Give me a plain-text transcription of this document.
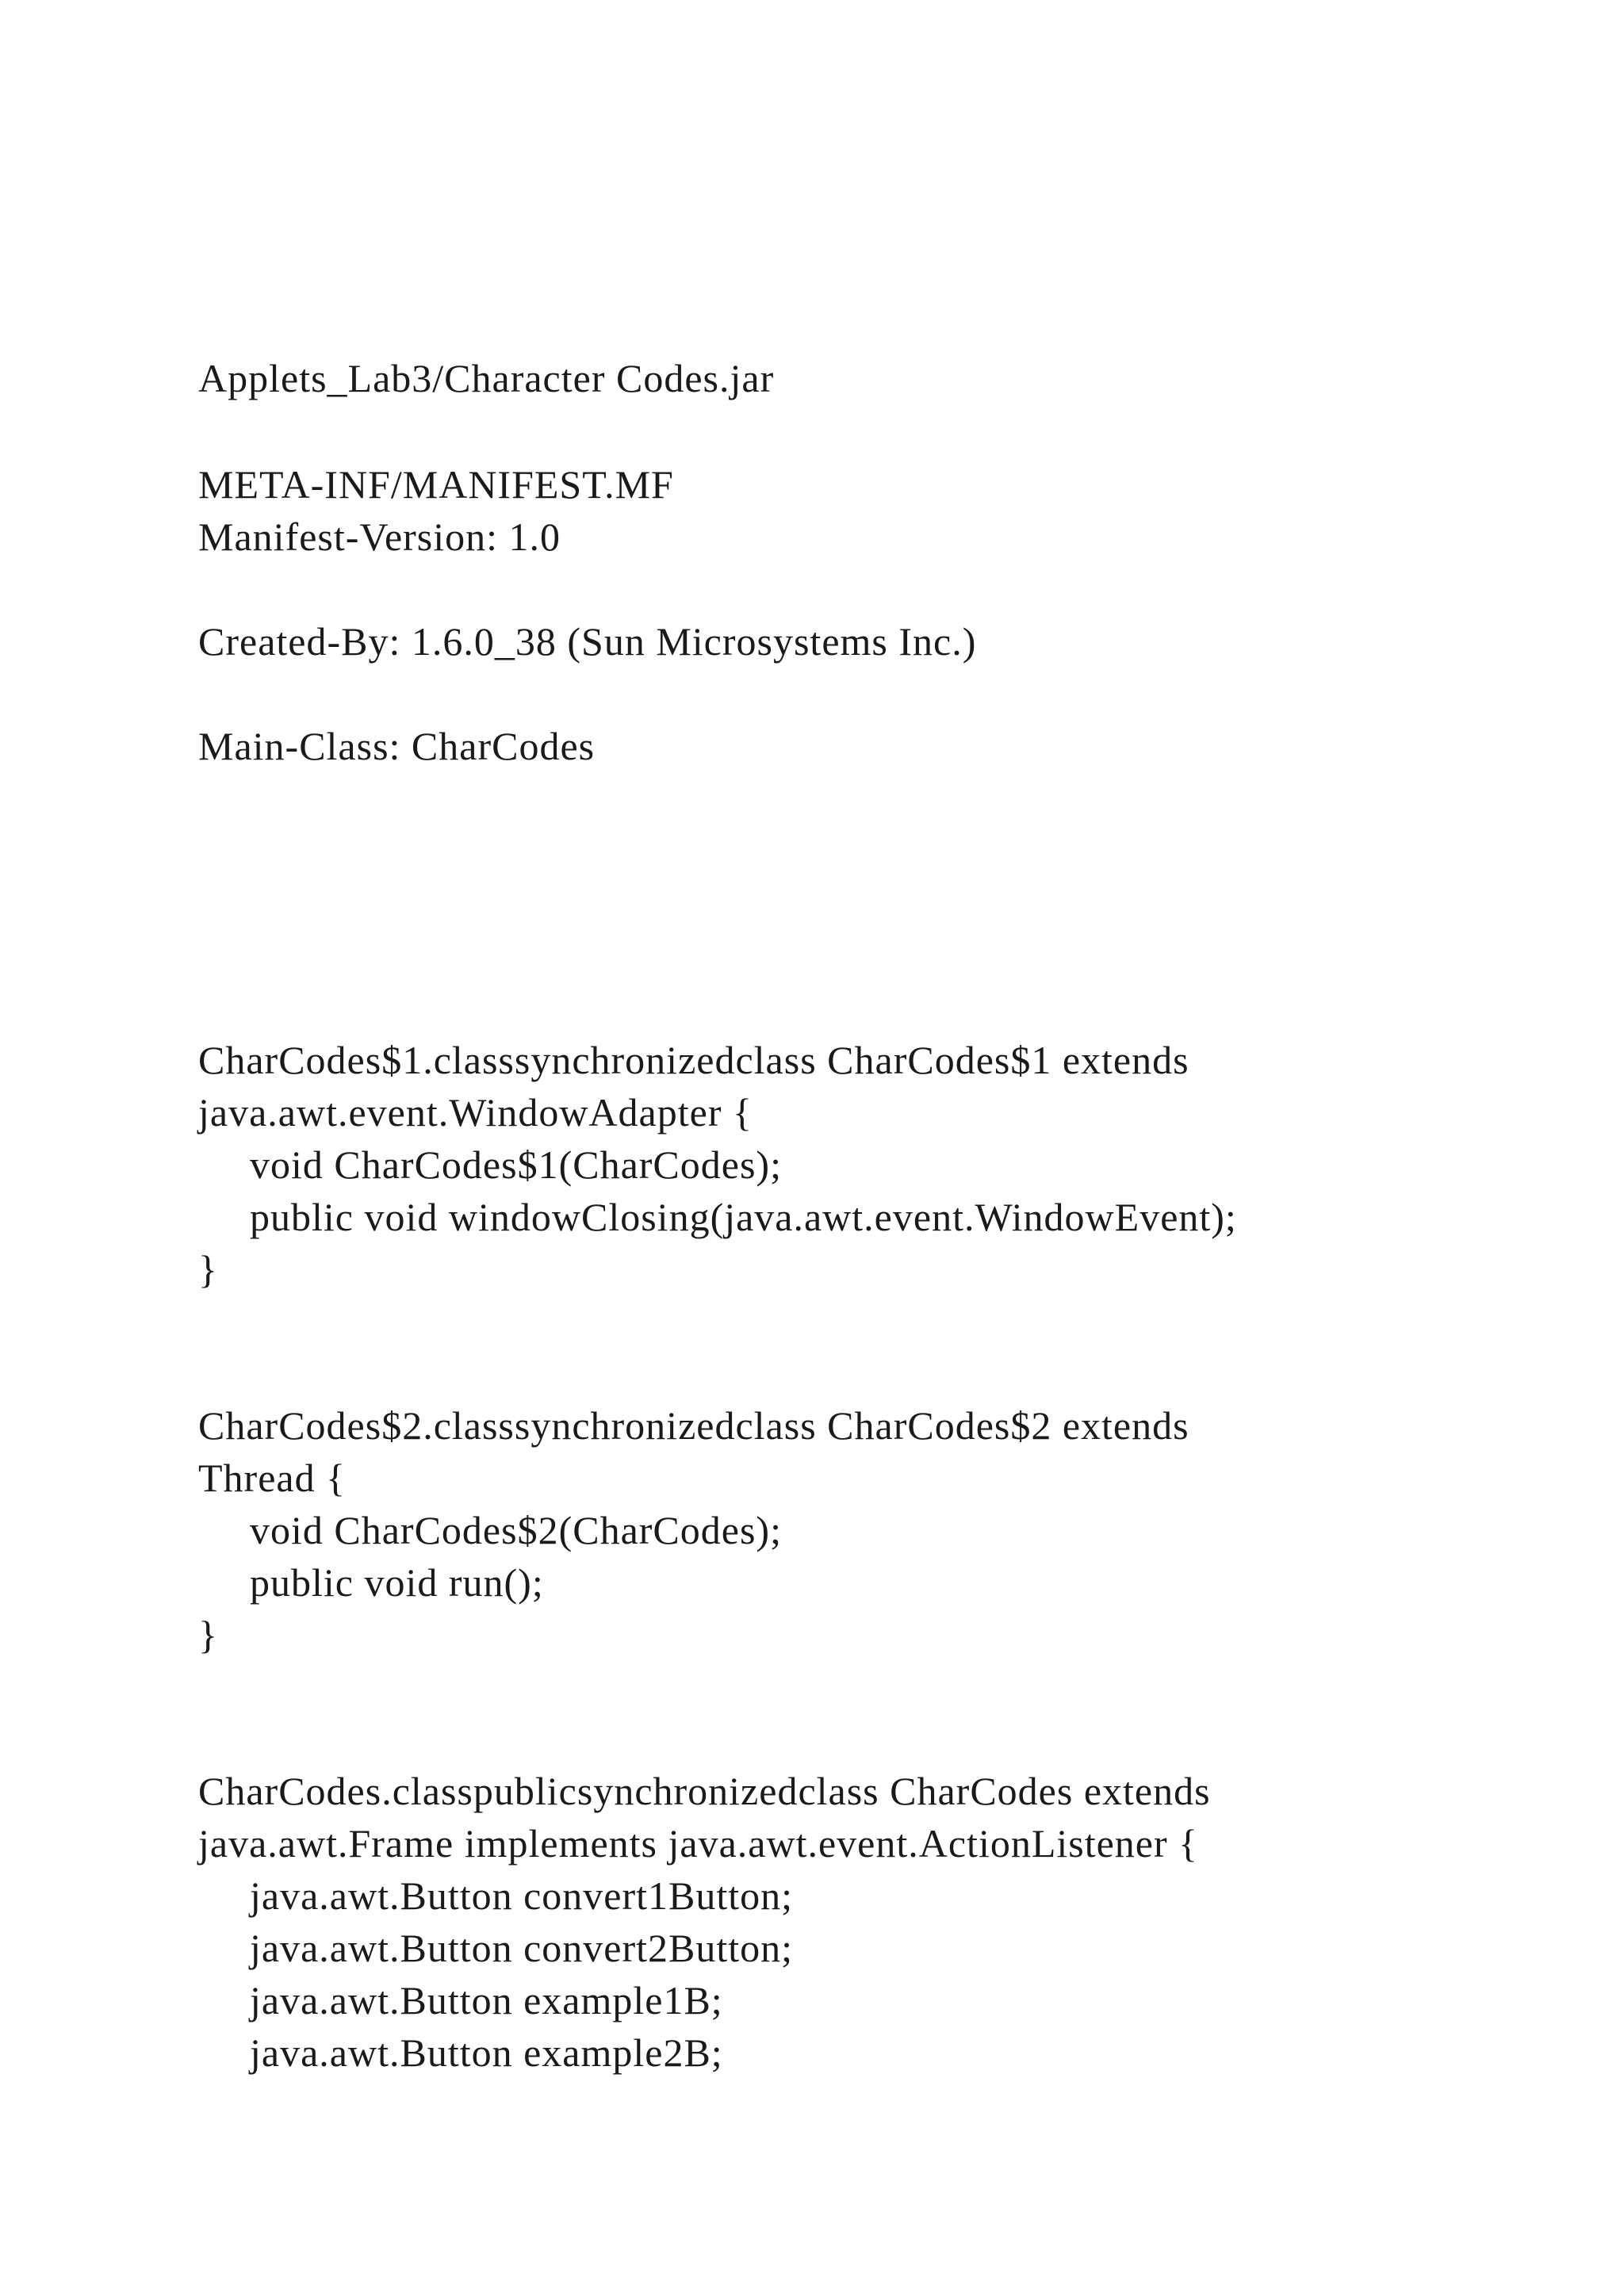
Applets_Lab3/Character Codes.jar
META-INF/MANIFEST.MF
Manifest-Version: 1.0
Created-By: 1.6.0_38 (Sun Microsystems Inc.)
Main-Class: CharCodes
CharCodes$1.classsynchronizedclass CharCodes$1 extends
java.awt.event.WindowAdapter {
void CharCodes$1(CharCodes);
public void windowClosing(java.awt.event.WindowEvent);
}
CharCodes$2.classsynchronizedclass CharCodes$2 extends
Thread {
void CharCodes$2(CharCodes);
public void run();
}
CharCodes.classpublicsynchronizedclass CharCodes extends
java.awt.Frame implements java.awt.event.ActionListener {
java.awt.Button convert1Button;
java.awt.Button convert2Button;
java.awt.Button example1B;
java.awt.Button example2B;
